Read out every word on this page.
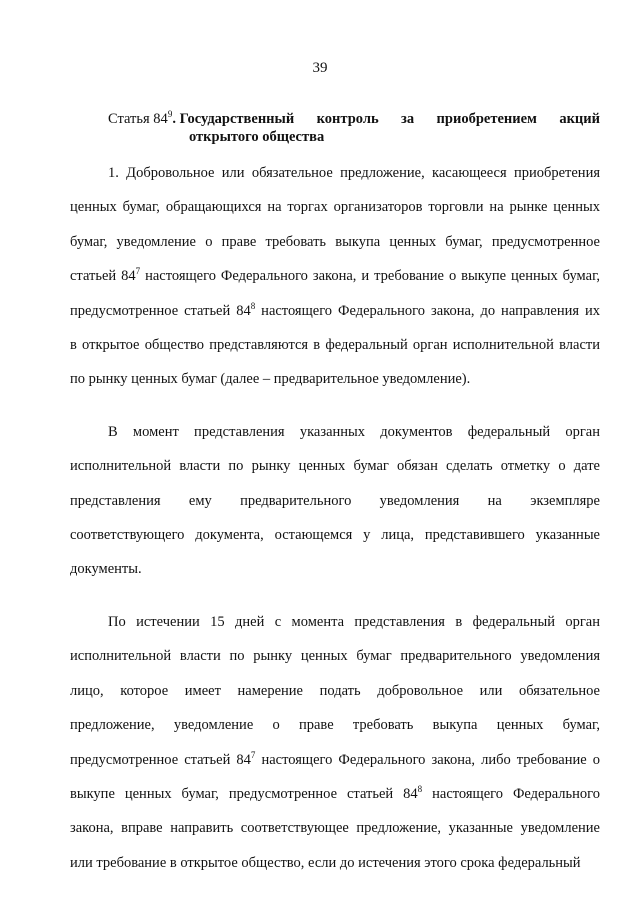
39
Статья $84^9$. Государственный контроль за приобретением акций
открытого общества
1. Добровольное или обязательное предложение, касающееся приобретения
ценных бумаг, обращающихся на торгах организаторов торговли на рынке ценных
бумаг, уведомление о праве требовать выкупа ценных бумаг, предусмотренное
статьей $84^7$ настоящего Федерального закона, и требование о выкупе ценных бумаг,
предусмотренное статьей $84^8$ настоящего Федерального закона, до направления их
в открытое общество представляются в федеральный орган исполнительной власти
по рынку ценных бумаг (далее – предварительное уведомление).
В момент представления указанных документов федеральный орган
исполнительной власти по рынку ценных бумаг обязан сделать отметку о дате
представления ему предварительного уведомления на экземпляре
соответствующего документа, остающемся у лица, представившего указанные
документы.
По истечении 15 дней с момента представления в федеральный орган
исполнительной власти по рынку ценных бумаг предварительного уведомления
лицо, которое имеет намерение подать добровольное или обязательное
предложение, уведомление о праве требовать выкупа ценных бумаг,
предусмотренное статьей $84^7$ настоящего Федерального закона, либо требование о
выкупе ценных бумаг, предусмотренное статьей $84^8$ настоящего Федерального
закона, вправе направить соответствующее предложение, указанные уведомление
или требование в открытое общество, если до истечения этого срока федеральный
